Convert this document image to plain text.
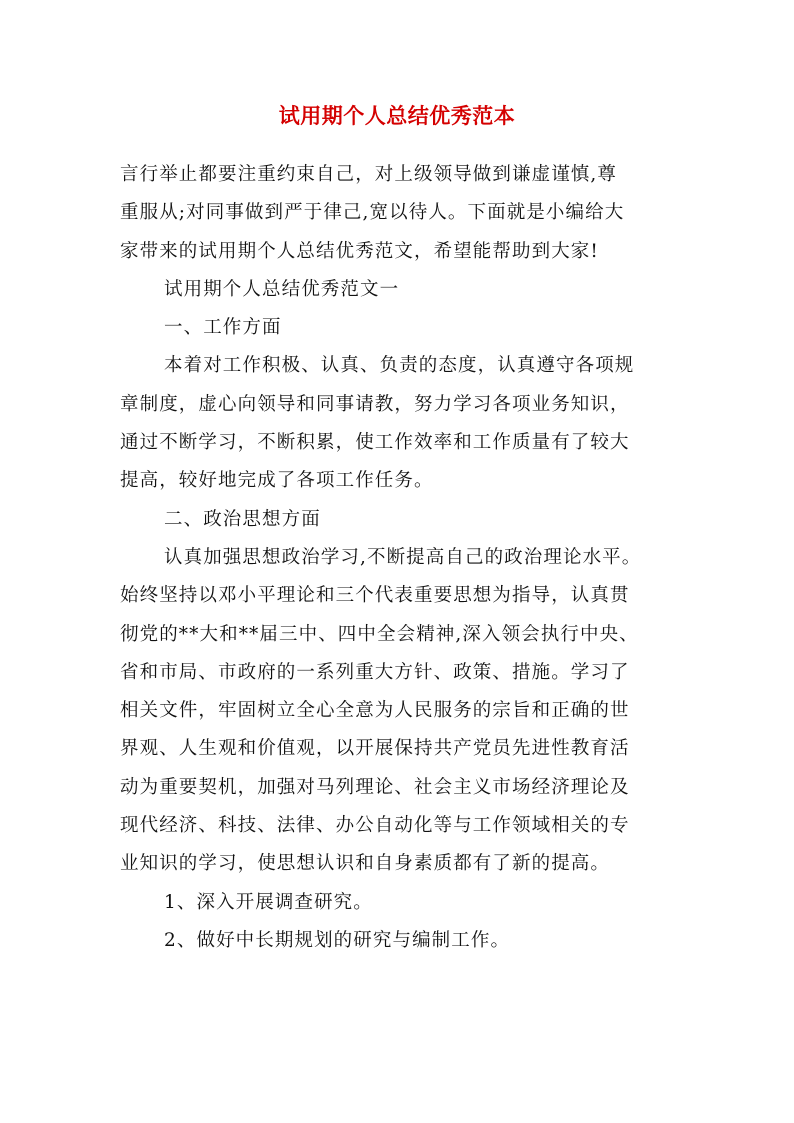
试用期个人总结优秀范本
言行举止都要注重约束自己，对上级领导做到谦虚谨慎,尊
重服从;对同事做到严于律己,宽以待人。下面就是小编给大
家带来的试用期个人总结优秀范文，希望能帮助到大家!
试用期个人总结优秀范文一
一、工作方面
本着对工作积极、认真、负责的态度，认真遵守各项规
章制度，虚心向领导和同事请教，努力学习各项业务知识，
通过不断学习，不断积累，使工作效率和工作质量有了较大
提高，较好地完成了各项工作任务。
二、政治思想方面
认真加强思想政治学习,不断提高自己的政治理论水平。
始终坚持以邓小平理论和三个代表重要思想为指导，认真贯
彻党的**大和**届三中、四中全会精神,深入领会执行中央、
省和市局、市政府的一系列重大方针、政策、措施。学习了
相关文件，牢固树立全心全意为人民服务的宗旨和正确的世
界观、人生观和价值观，以开展保持共产党员先进性教育活
动为重要契机，加强对马列理论、社会主义市场经济理论及
现代经济、科技、法律、办公自动化等与工作领域相关的专
业知识的学习，使思想认识和自身素质都有了新的提高。
1、深入开展调查研究。
2、做好中长期规划的研究与编制工作。
